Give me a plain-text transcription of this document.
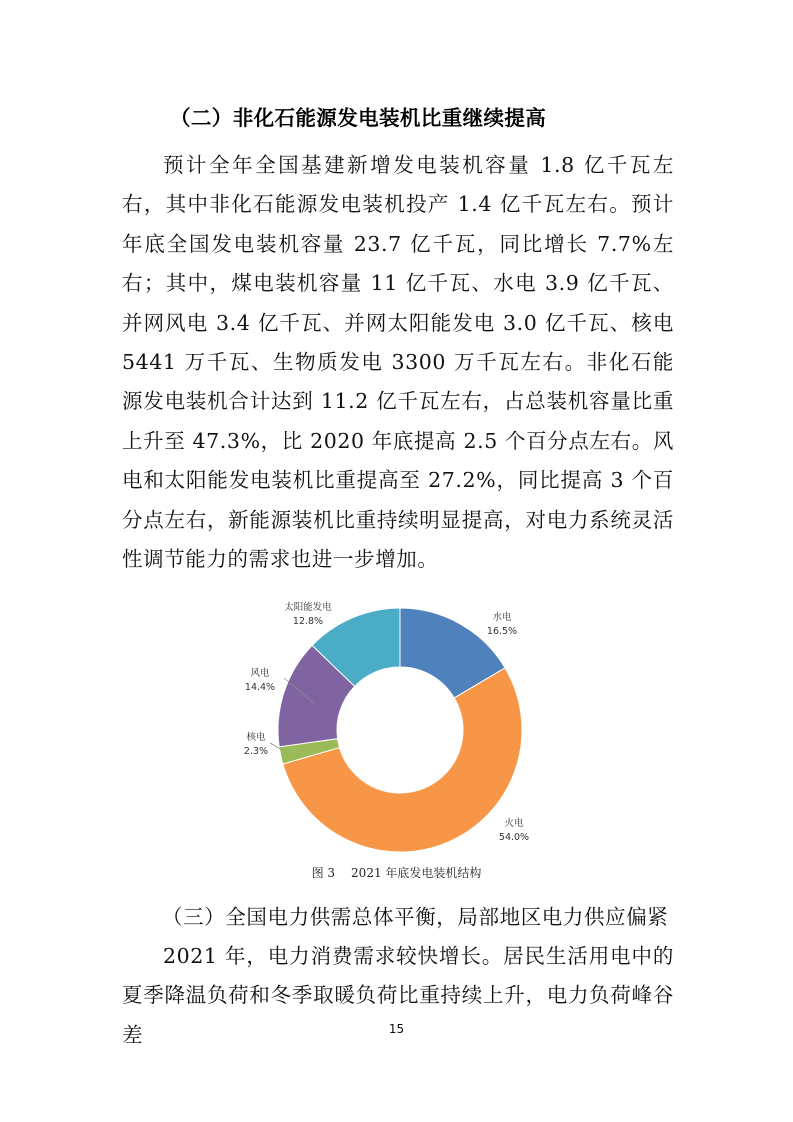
（二）非化石能源发电装机比重继续提高

预计全年全国基建新增发电装机容量 1.8 亿千瓦左右，其中非化石能源发电装机投产 1.4 亿千瓦左右。预计年底全国发电装机容量 23.7 亿千瓦，同比增长 7.7%左右；其中，煤电装机容量 11 亿千瓦、水电 3.9 亿千瓦、并网风电 3.4 亿千瓦、并网太阳能发电 3.0 亿千瓦、核电 5441 万千瓦、生物质发电 3300 万千瓦左右。非化石能源发电装机合计达到 11.2 亿千瓦左右，占总装机容量比重上升至 47.3%，比 2020 年底提高 2.5 个百分点左右。风电和太阳能发电装机比重提高至 27.2%，同比提高 3 个百分点左右，新能源装机比重持续明显提高，对电力系统灵活性调节能力的需求也进一步增加。

水电
16.5%
火电
54.0%
核电
2.3%
风电
14.4%
太阳能发电
12.8%
图 3 2021 年底发电装机结构
（三）全国电力供需总体平衡，局部地区电力供应偏紧

2021 年，电力消费需求较快增长。居民生活用电中的夏季降温负荷和冬季取暖负荷比重持续上升，电力负荷峰谷差	15
